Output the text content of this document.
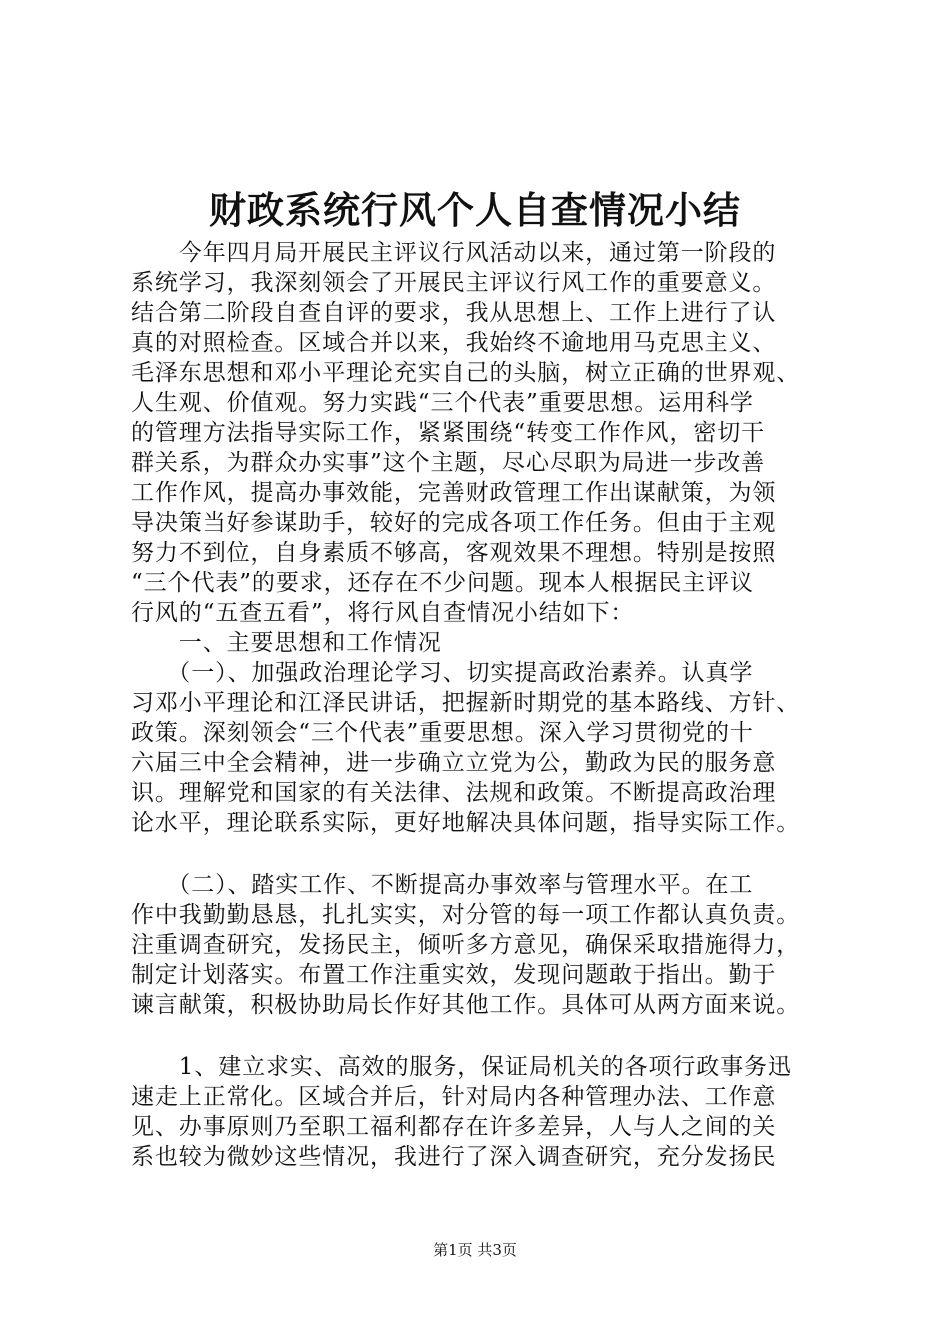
财政系统行风个人自查情况小结
　　今年四月局开展民主评议行风活动以来，通过第一阶段的
系统学习，我深刻领会了开展民主评议行风工作的重要意义。
结合第二阶段自查自评的要求，我从思想上、工作上进行了认
真的对照检查。区域合并以来，我始终不逾地用马克思主义、
毛泽东思想和邓小平理论充实自己的头脑，树立正确的世界观、
人生观、价值观。努力实践“三个代表”重要思想。运用科学
的管理方法指导实际工作，紧紧围绕“转变工作作风，密切干
群关系，为群众办实事”这个主题，尽心尽职为局进一步改善
工作作风，提高办事效能，完善财政管理工作出谋献策，为领
导决策当好参谋助手，较好的完成各项工作任务。但由于主观
努力不到位，自身素质不够高，客观效果不理想。特别是按照
“三个代表”的要求，还存在不少问题。现本人根据民主评议
行风的“五查五看”，将行风自查情况小结如下：
　　一、主要思想和工作情况
　　（一）、加强政治理论学习、切实提高政治素养。认真学
习邓小平理论和江泽民讲话，把握新时期党的基本路线、方针、
政策。深刻领会“三个代表”重要思想。深入学习贯彻党的十
六届三中全会精神，进一步确立立党为公，勤政为民的服务意
识。理解党和国家的有关法律、法规和政策。不断提高政治理
论水平，理论联系实际，更好地解决具体问题，指导实际工作。
　　（二）、踏实工作、不断提高办事效率与管理水平。在工
作中我勤勤恳恳，扎扎实实，对分管的每一项工作都认真负责。
注重调查研究，发扬民主，倾听多方意见，确保采取措施得力，
制定计划落实。布置工作注重实效，发现问题敢于指出。勤于
谏言献策，积极协助局长作好其他工作。具体可从两方面来说。
　　1、建立求实、高效的服务，保证局机关的各项行政事务迅
速走上正常化。区域合并后，针对局内各种管理办法、工作意
见、办事原则乃至职工福利都存在许多差异，人与人之间的关
系也较为微妙这些情况，我进行了深入调查研究，充分发扬民
第1页 共3页
